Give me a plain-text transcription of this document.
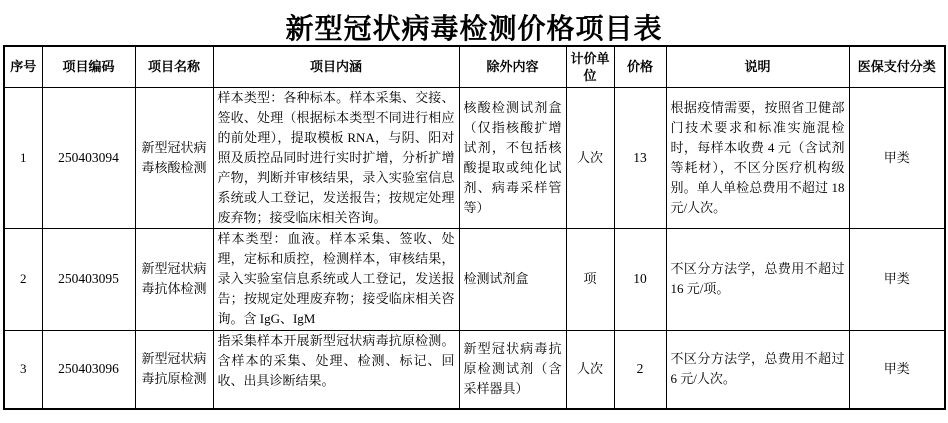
新型冠状病毒检测价格项目表
序号	项目编码	项目名称	项目内涵	除外内容	计价单位	价格	说明	医保支付分类
1	250403094	新型冠状病毒核酸检测	样本类型：各种标本。样本采集、交接、签收、处理（根据标本类型不同进行相应的前处理），提取模板 RNA，与阴、阳对照及质控品同时进行实时扩增，分析扩增产物，判断并审核结果，录入实验室信息系统或人工登记，发送报告；按规定处理废弃物；接受临床相关咨询。	核酸检测试剂盒（仅指核酸扩增试剂，不包括核酸提取或纯化试剂、病毒采样管等）	人次	13	根据疫情需要，按照省卫健部门技术要求和标准实施混检时，每样本收费 4 元（含试剂等耗材），不区分医疗机构级别。单人单检总费用不超过 18 元/人次。	甲类
2	250403095	新型冠状病毒抗体检测	样本类型：血液。样本采集、签收、处理，定标和质控，检测样本，审核结果，录入实验室信息系统或人工登记，发送报告；按规定处理废弃物；接受临床相关咨询。含 IgG、IgM	检测试剂盒	项	10	不区分方法学，总费用不超过 16 元/项。	甲类
3	250403096	新型冠状病毒抗原检测	指采集样本开展新型冠状病毒抗原检测。含样本的采集、处理、检测、标记、回收、出具诊断结果。	新型冠状病毒抗原检测试剂（含采样器具）	人次	2	不区分方法学，总费用不超过 6 元/人次。	甲类
